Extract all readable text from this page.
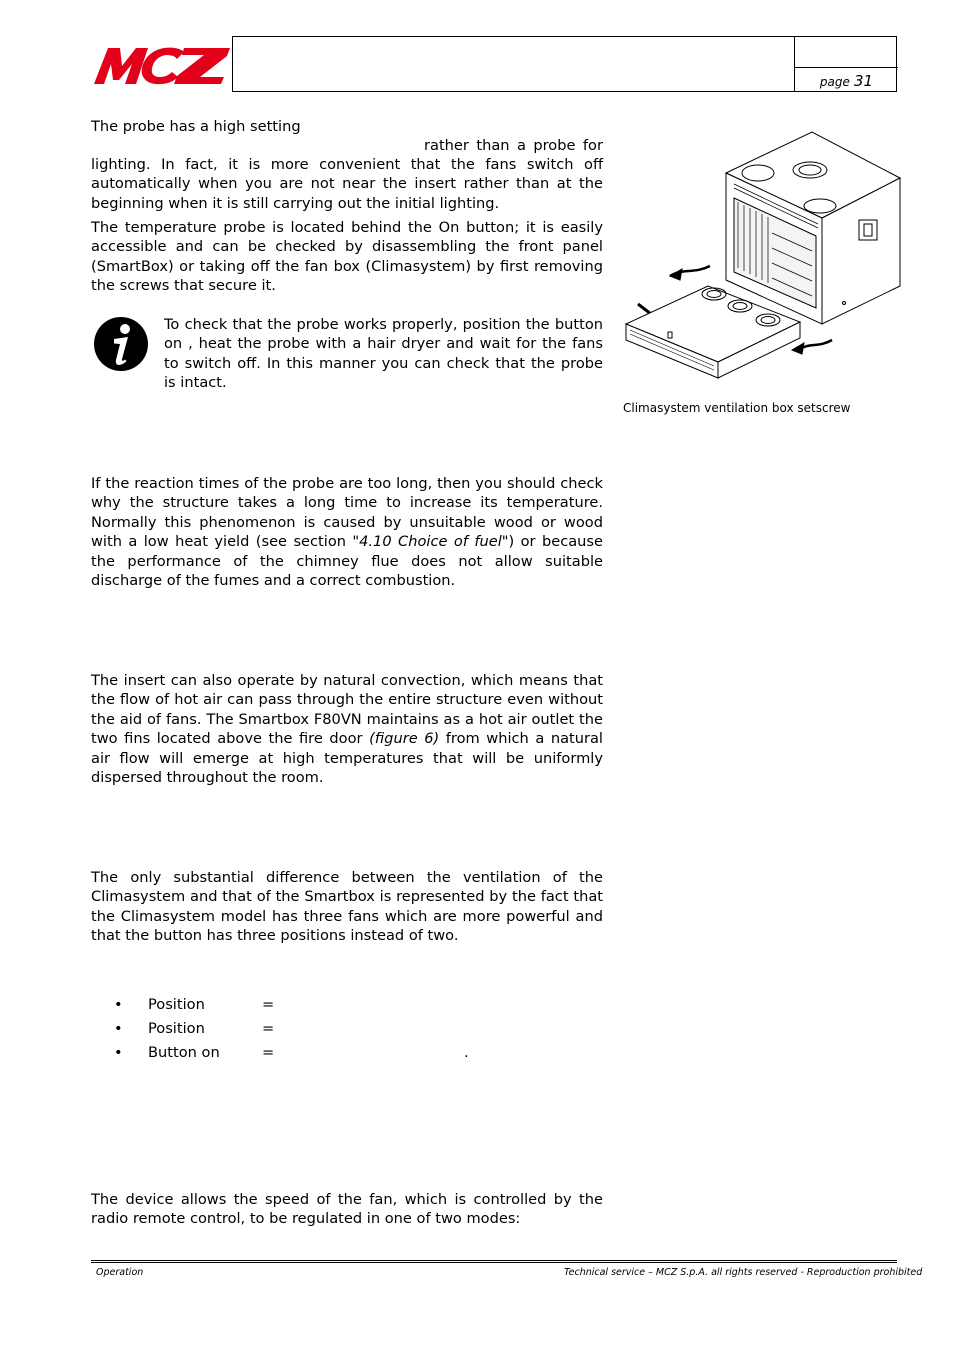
MCZ
page 31
The probe has a high setting
rather than a probe for
lighting. In fact, it is more convenient that the fans switch off automatically when you are not near the insert rather than at the beginning when it is still carrying out the initial lighting.
The temperature probe is located behind the On button; it is easily accessible and can be checked by disassembling the front panel (SmartBox) or taking off the fan box (Climasystem) by first removing the screws that secure it.
To check that the probe works properly, position the button on , heat the probe with a hair dryer and wait for the fans to switch off. In this manner you can check that the probe is intact.
If the reaction times of the probe are too long, then you should check why the structure takes a long time to increase its temperature. Normally this phenomenon is caused by unsuitable wood or wood with a low heat yield (see section "4.10 Choice of fuel") or because the performance of the chimney flue does not allow suitable discharge of the fumes and a correct combustion.
The insert can also operate by natural convection, which means that the flow of hot air can pass through the entire structure even without the aid of fans. The Smartbox F80VN maintains as a hot air outlet the two fins located above the fire door (figure 6) from which a natural air flow will emerge at high temperatures that will be uniformly dispersed throughout the room.
The only substantial difference between the ventilation of the Climasystem and that of the Smartbox is represented by the fact that the Climasystem model has three fans which are more powerful and that the button has three positions instead of two.
• Position	=
• Position	=
• Button on	=	.
The device allows the speed of the fan, which is controlled by the radio remote control, to be regulated in one of two modes:
Climasystem ventilation box setscrew
Operation	Technical service – MCZ S.p.A. all rights reserved - Reproduction prohibited
